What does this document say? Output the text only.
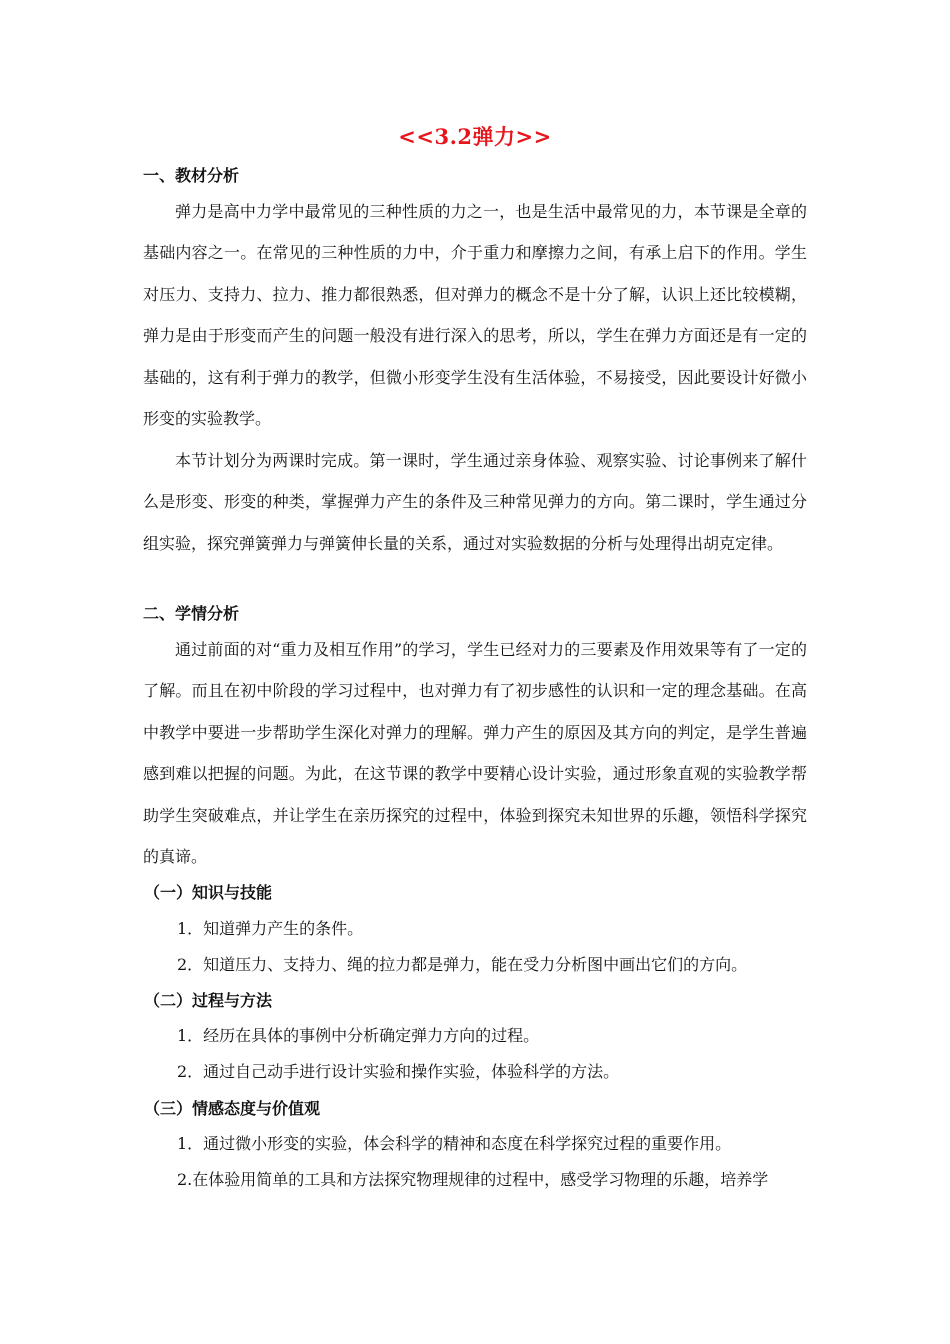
<<3.2弹力>>
一、教材分析

弹力是高中力学中最常见的三种性质的力之一，也是生活中最常见的力，本节课是全章的基础内容之一。在常见的三种性质的力中，介于重力和摩擦力之间，有承上启下的作用。学生对压力、支持力、拉力、推力都很熟悉，但对弹力的概念不是十分了解，认识上还比较模糊，弹力是由于形变而产生的问题一般没有进行深入的思考，所以，学生在弹力方面还是有一定的基础的，这有利于弹力的教学，但微小形变学生没有生活体验，不易接受，因此要设计好微小形变的实验教学。

本节计划分为两课时完成。第一课时，学生通过亲身体验、观察实验、讨论事例来了解什么是形变、形变的种类，掌握弹力产生的条件及三种常见弹力的方向。第二课时，学生通过分组实验，探究弹簧弹力与弹簧伸长量的关系，通过对实验数据的分析与处理得出胡克定律。

二、学情分析

通过前面的对“重力及相互作用”的学习，学生已经对力的三要素及作用效果等有了一定的了解。而且在初中阶段的学习过程中，也对弹力有了初步感性的认识和一定的理念基础。在高中教学中要进一步帮助学生深化对弹力的理解。弹力产生的原因及其方向的判定，是学生普遍感到难以把握的问题。为此，在这节课的教学中要精心设计实验，通过形象直观的实验教学帮助学生突破难点，并让学生在亲历探究的过程中，体验到探究未知世界的乐趣，领悟科学探究的真谛。

（一）知识与技能
1．知道弹力产生的条件。
2．知道压力、支持力、绳的拉力都是弹力，能在受力分析图中画出它们的方向。
（二）过程与方法
1．经历在具体的事例中分析确定弹力方向的过程。
2．通过自己动手进行设计实验和操作实验，体验科学的方法。
（三）情感态度与价值观
1．通过微小形变的实验，体会科学的精神和态度在科学探究过程的重要作用。
2.在体验用简单的工具和方法探究物理规律的过程中，感受学习物理的乐趣，培养学
